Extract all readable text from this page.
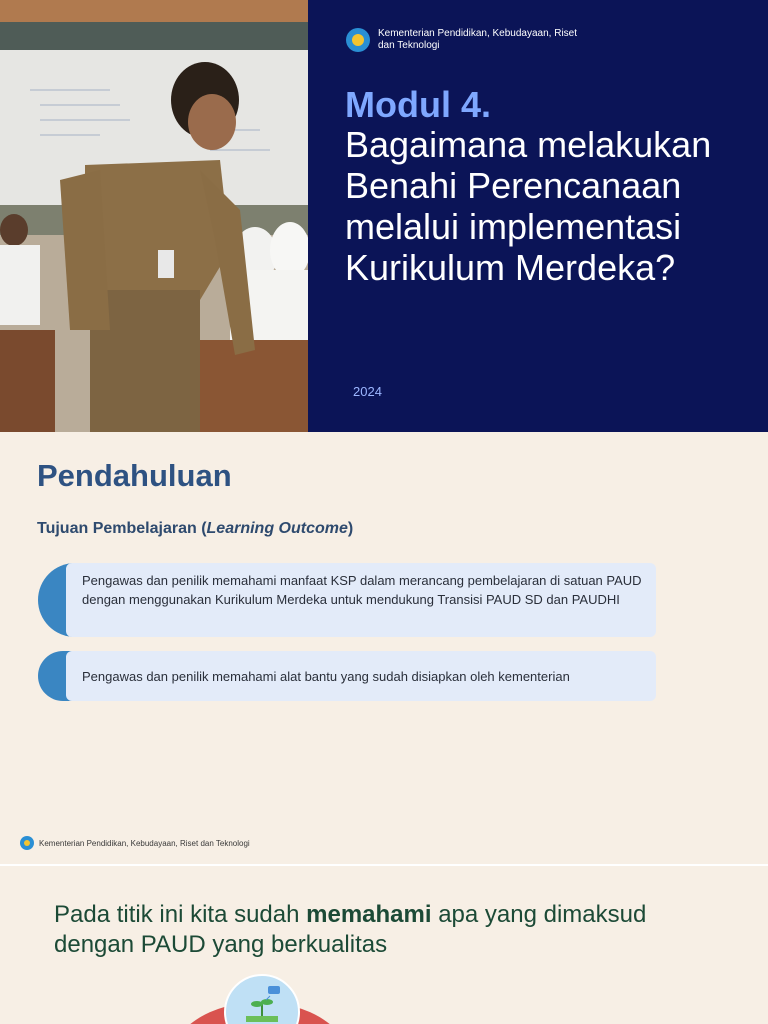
Kementerian Pendidikan, Kebudayaan, Riset dan Teknologi
Modul 4.
Bagaimana melakukan Benahi Perencanaan melalui implementasi Kurikulum Merdeka?
2024
Pendahuluan
Tujuan Pembelajaran (Learning Outcome)
Pengawas dan penilik memahami manfaat KSP dalam merancang pembelajaran di satuan PAUD dengan menggunakan Kurikulum Merdeka untuk mendukung Transisi PAUD SD dan PAUDHI
Pengawas dan penilik memahami alat bantu yang sudah disiapkan oleh kementerian
Kementerian Pendidikan, Kebudayaan, Riset dan Teknologi
Pada titik ini kita sudah memahami apa yang dimaksud dengan PAUD yang berkualitas
